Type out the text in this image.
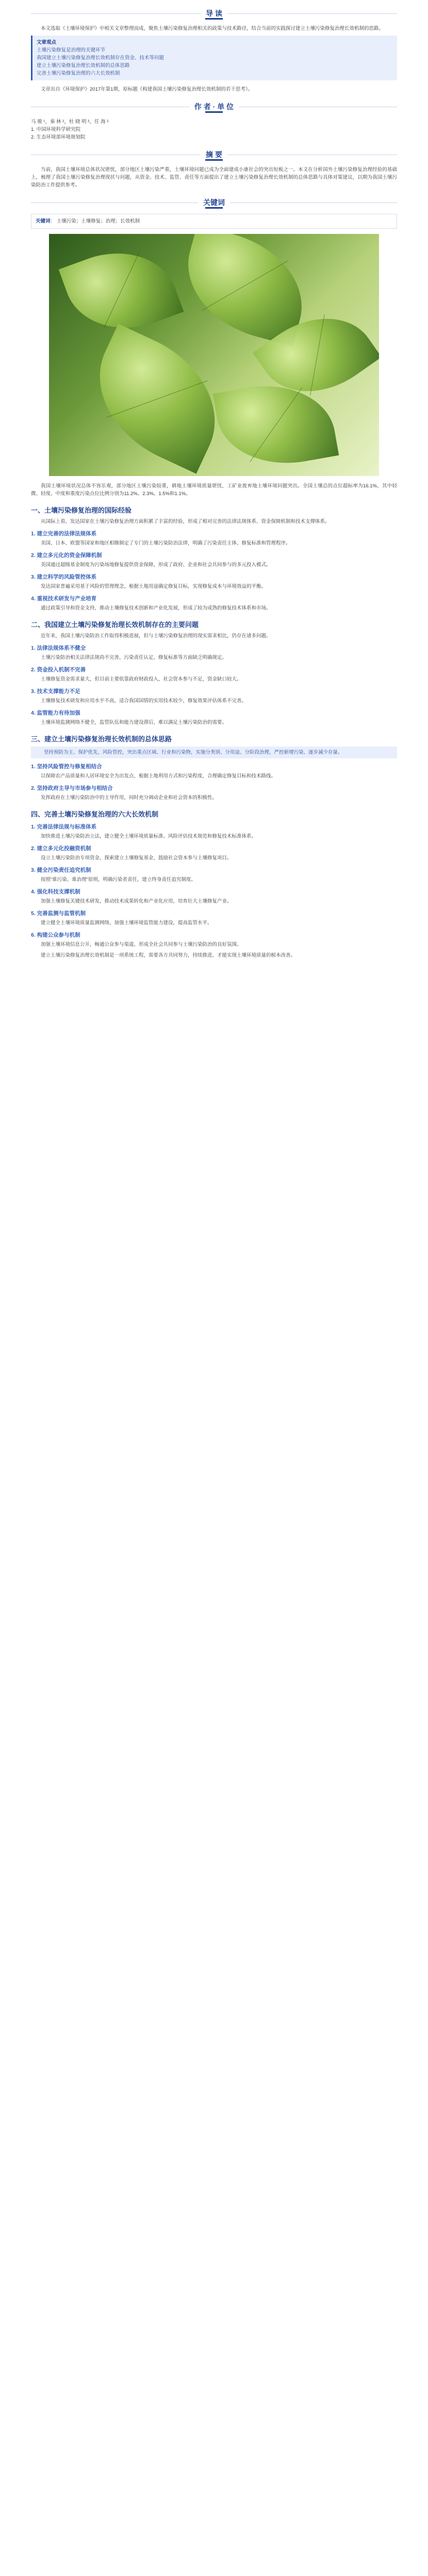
导 读

本文选取《土壤环境保护》中相关文章整理而成，聚焦土壤污染修复治理相关的政策与技术路径，结合当前的实践探讨建立土壤污染修复治理长效机制的思路。

文章观点

土壤污染修复是治理的关键环节

我国建立土壤污染修复治理长效机制存在资金、技术等问题

建立土壤污染修复治理长效机制的总体思路

完善土壤污染修复治理的六大长效机制

文章出自《环境保护》2017年第1期，原标题《构建我国土壤污染修复治理长效机制的若干思考》。

作 者 · 单 位
马 骏 ¹，秦 林 ²，杜 晓 明 ²，任 海 ²
1. 中国环境科学研究院
2. 生态环境部环境规划院
摘 要

当前，我国土壤环境总体状况堪忧，部分地区土壤污染严重，土壤环境问题已成为全面建成小康社会的突出短板之一。本文在分析国外土壤污染修复治理经验的基础上，梳理了我国土壤污染修复治理现状与问题，从资金、技术、监管、责任等方面提出了建立土壤污染修复治理长效机制的总体思路与具体对策建议，以期为我国土壤污染防治工作提供参考。

关键词
关键词： 土壤污染；土壤修复；治理；长效机制

我国土壤环境状况总体不容乐观，部分地区土壤污染较重，耕地土壤环境质量堪忧，工矿业废弃地土壤环境问题突出。全国土壤总的点位超标率为16.1%，其中轻微、轻度、中度和重度污染点位比例分别为11.2%、2.3%、1.5%和1.1%。

一、土壤污染修复治理的国际经验

从国际上看，发达国家在土壤污染修复治理方面积累了丰富的经验，形成了相对完善的法律法规体系、资金保障机制和技术支撑体系。

1. 建立完善的法律法规体系

美国、日本、欧盟等国家和地区相继制定了专门的土壤污染防治法律，明确了污染责任主体、修复标准和管理程序。

2. 建立多元化的资金保障机制

美国通过超级基金制度为污染场地修复提供资金保障，形成了政府、企业和社会共同参与的多元投入模式。

3. 建立科学的风险管控体系

发达国家普遍采用基于风险的管理理念，根据土地用途确定修复目标，实现修复成本与环境效益的平衡。

4. 重视技术研发与产业培育

通过政策引导和资金支持，推动土壤修复技术创新和产业化发展，形成了较为成熟的修复技术体系和市场。

二、我国建立土壤污染修复治理长效机制存在的主要问题

近年来，我国土壤污染防治工作取得积极进展，但与土壤污染修复治理的现实需求相比，仍存在诸多问题。

1. 法律法规体系不健全

土壤污染防治相关法律法规尚不完善，污染责任认定、修复标准等方面缺乏明确规定。

2. 资金投入机制不完善

土壤修复资金需求量大，但目前主要依靠政府财政投入，社会资本参与不足，资金缺口较大。

3. 技术支撑能力不足

土壤修复技术研发和应用水平不高，适合我国国情的实用技术较少，修复效果评估体系不完善。

4. 监管能力有待加强

土壤环境监测网络不健全，监管队伍和能力建设滞后，难以满足土壤污染防治的需要。

三、建立土壤污染修复治理长效机制的总体思路
坚持预防为主、保护优先、风险管控，突出重点区域、行业和污染物，实施分类别、分用途、分阶段治理，严控新增污染、逐步减少存量。
1. 坚持风险管控与修复相结合

以保障农产品质量和人居环境安全为出发点，根据土地利用方式和污染程度，合理确定修复目标和技术路线。

2. 坚持政府主导与市场参与相结合

发挥政府在土壤污染防治中的主导作用，同时充分调动企业和社会资本的积极性。

四、完善土壤污染修复治理的六大长效机制
1. 完善法律法规与标准体系

加快推进土壤污染防治立法，建立健全土壤环境质量标准、风险评估技术规范和修复技术标准体系。

2. 建立多元化投融资机制

设立土壤污染防治专项资金，探索建立土壤修复基金，鼓励社会资本参与土壤修复项目。

3. 健全污染责任追究机制

按照“谁污染、谁治理”原则，明确污染者责任，建立终身责任追究制度。

4. 强化科技支撑机制

加强土壤修复关键技术研发，推动技术成果转化和产业化应用，培育壮大土壤修复产业。

5. 完善监测与监管机制

建立健全土壤环境质量监测网络，加强土壤环境监管能力建设，提高监管水平。

6. 构建公众参与机制

加强土壤环境信息公开，畅通公众参与渠道，形成全社会共同参与土壤污染防治的良好氛围。

建立土壤污染修复治理长效机制是一项系统工程，需要各方共同努力，持续推进，才能实现土壤环境质量的根本改善。
